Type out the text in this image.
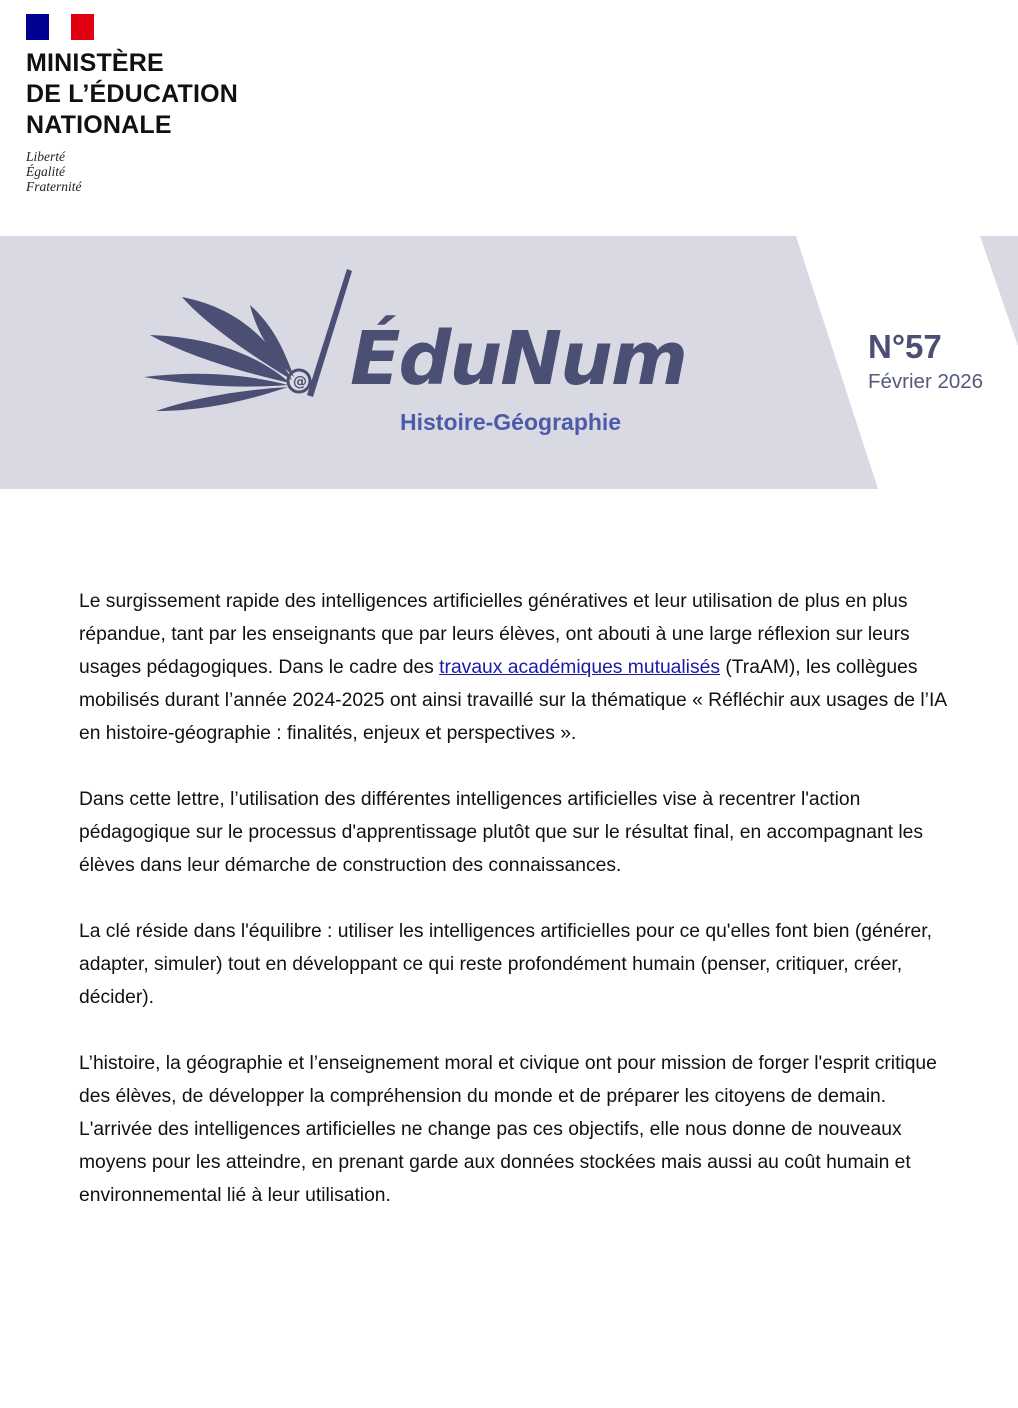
MINISTÈRE
DE L’ÉDUCATION
NATIONALE
Liberté
Égalité
Fraternité
@ ÉduNum
Histoire-Géographie
N°57
Février 2026

Le surgissement rapide des intelligences artificielles génératives et leur utilisation de plus en plus répandue, tant par les enseignants que par leurs élèves, ont abouti à une large réflexion sur leurs usages pédagogiques. Dans le cadre des travaux académiques mutualisés (TraAM), les collègues mobilisés durant l’année 2024-2025 ont ainsi travaillé sur la thématique « Réfléchir aux usages de l’IA en histoire-géographie : finalités, enjeux et perspectives ».

Dans cette lettre, l’utilisation des différentes intelligences artificielles vise à recentrer l'action pédagogique sur le processus d'apprentissage plutôt que sur le résultat final, en accompagnant les élèves dans leur démarche de construction des connaissances.

La clé réside dans l'équilibre : utiliser les intelligences artificielles pour ce qu'elles font bien (générer, adapter, simuler) tout en développant ce qui reste profondément humain (penser, critiquer, créer, décider).

L’histoire, la géographie et l’enseignement moral et civique ont pour mission de forger l'esprit critique des élèves, de développer la compréhension du monde et de préparer les citoyens de demain. L'arrivée des intelligences artificielles ne change pas ces objectifs, elle nous donne de nouveaux moyens pour les atteindre, en prenant garde aux données stockées mais aussi au coût humain et environnemental lié à leur utilisation.
